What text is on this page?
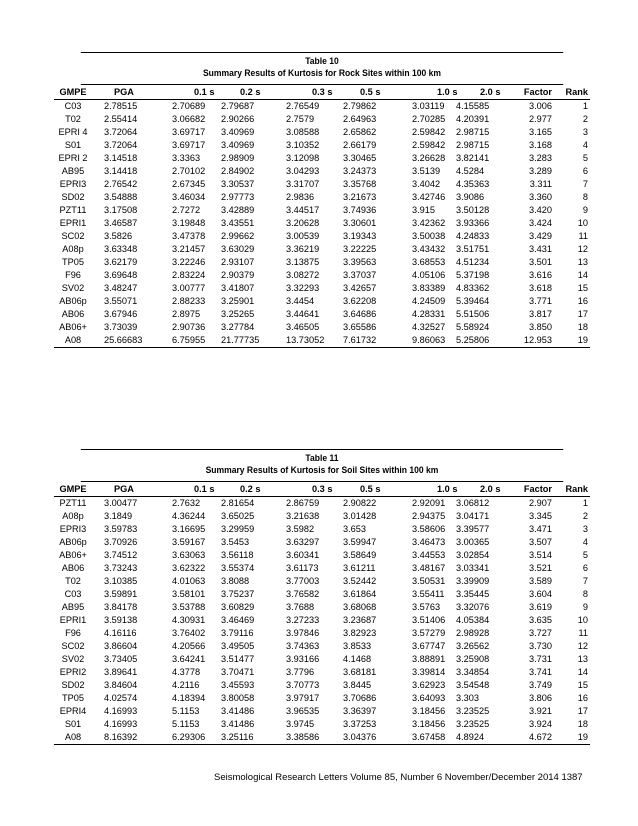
Table 10
Summary Results of Kurtosis for Rock Sites within 100 km
GMPE	PGA	0.1 s	0.2 s	0.3 s	0.5 s	1.0 s 2.0 s	Factor Rank
C03	2.78515	2.70689 2.79687	2.76549	2.79862	3.03119 4.15585	3.006	1
T02	2.55414	3.06682 2.90266	2.7579	2.64963	2.70285 4.20391	2.977	2
EPRI 4	3.72064	3.69717 3.40969	3.08588	2.65862	2.59842 2.98715	3.165	3
S01	3.72064	3.69717 3.40969	3.10352	2.66179	2.59842 2.98715	3.168	4
EPRI 2	3.14518	3.3363 2.98909	3.12098	3.30465	3.26628 3.82141	3.283	5
AB95	3.14418	2.70102 2.84902	3.04293	3.24373	3.5139 4.5284	3.289	6
EPRI3	2.76542	2.67345 3.30537	3.31707	3.35768	3.4042 4.35363	3.311	7
SD02	3.54888	3.46034 2.97773	2.9836	3.21673	3.42746 3.9086	3.360	8
PZT11	3.17508	2.7272 3.42889	3.44517	3.74936	3.915 3.50128	3.420	9
EPRI1	3.46587	3.19848 3.43551	3.20628	3.30601	3.42362 3.93366	3.424	10
SC02	3.5826	3.47378 2.99662	3.00539	3.19343	3.50038 4.24833	3.429	11
A08p	3.63348	3.21457 3.63029	3.36219	3.22225	3.43432 3.51751	3.431	12
TP05	3.62179	3.22246 2.93107	3.13875	3.39563	3.68553 4.51234	3.501	13
F96	3.69648	2.83224 2.90379	3.08272	3.37037	4.05106 5.37198	3.616	14
SV02	3.48247	3.00777 3.41807	3.32293	3.42657	3.83389 4.83362	3.618	15
AB06p	3.55071	2.88233 3.25901	3.4454	3.62208	4.24509 5.39464	3.771	16
AB06	3.67946	2.8975 3.25265	3.44641	3.64686	4.28331 5.51506	3.817	17
AB06+	3.73039	2.90736 3.27784	3.46505	3.65586	4.32527 5.58924	3.850	18
A08	25.66683	6.75955 21.77735	13.73052 7.61732	9.86063 5.25806	12.953	19
Table 11
Summary Results of Kurtosis for Soil Sites within 100 km
GMPE	PGA	0.1 s	0.2 s	0.3 s	0.5 s	1.0 s 2.0 s	Factor Rank
PZT11	3.00477	2.7632 2.81654	2.86759	2.90822	2.92091 3.06812	2.907	1
A08p	3.1849	4.36244 3.65025	3.21638	3.01428	2.94375 3.04171	3.345	2
EPRI3	3.59783	3.16695 3.29959	3.5982	3.653	3.58606 3.39577	3.471	3
AB06p	3.70926	3.59167 3.5453	3.63297	3.59947	3.46473 3.00365	3.507	4
AB06+	3.74512	3.63063 3.56118	3.60341	3.58649	3.44553 3.02854	3.514	5
AB06	3.73243	3.62322 3.55374	3.61173	3.61211	3.48167 3.03341	3.521	6
T02	3.10385	4.01063 3.8088	3.77003	3.52442	3.50531 3.39909	3.589	7
C03	3.59891	3.58101 3.75237	3.76582	3.61864	3.55411 3.35445	3.604	8
AB95	3.84178	3.53788 3.60829	3.7688	3.68068	3.5763 3.32076	3.619	9
EPRI1	3.59138	4.30931 3.46469	3.27233	3.23687	3.51406 4.05384	3.635	10
F96	4.16116	3.76402 3.79116	3.97846	3.82923	3.57279 2.98928	3.727	11
SC02	3.86604	4.20566 3.49505	3.74363	3.8533	3.67747 3.26562	3.730	12
SV02	3.73405	3.64241 3.51477	3.93166	4.1468	3.88891 3.25908	3.731	13
EPRI2	3.89641	4.3778 3.70471	3.7796	3.68181	3.39814 3.34854	3.741	14
SD02	3.84604	4.2116 3.45593	3.70773	3.8445	3.62923 3.54548	3.749	15
TP05	4.02574	4.18394 3.80058	3.97917	3.70686	3.64093 3.303	3.806	16
EPRI4	4.16993	5.1153 3.41486	3.96535	3.36397	3.18456 3.23525	3.921	17
S01	4.16993	5.1153 3.41486	3.9745	3.37253	3.18456 3.23525	3.924	18
A08	8.16392	6.29306 3.25116	3.38586	3.04376	3.67458 4.8924	4.672	19
Seismological Research Letters Volume 85, Number 6 November/December 2014 1387
